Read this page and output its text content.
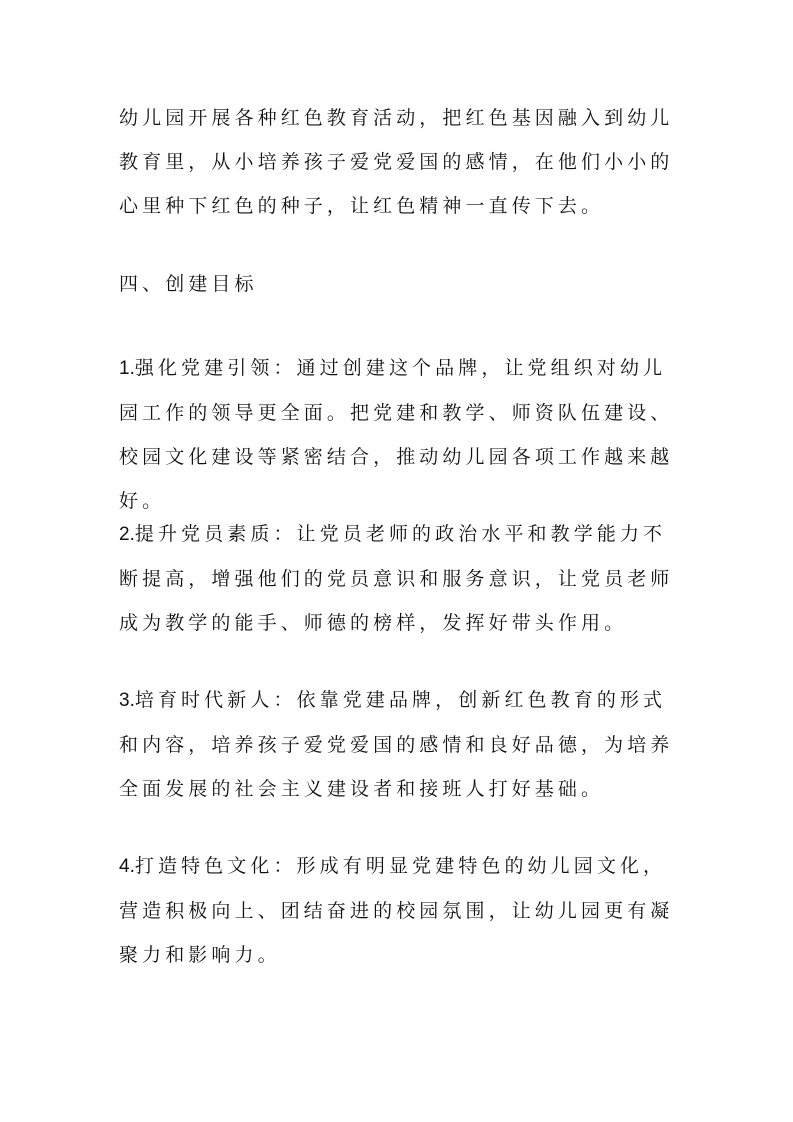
幼儿园开展各种红色教育活动，把红色基因融入到幼儿教育里，从小培养孩子爱党爱国的感情，在他们小小的心里种下红色的种子，让红色精神一直传下去。

四、创建目标

1.强化党建引领：通过创建这个品牌，让党组织对幼儿园工作的领导更全面。把党建和教学、师资队伍建设、校园文化建设等紧密结合，推动幼儿园各项工作越来越好。

2.提升党员素质：让党员老师的政治水平和教学能力不断提高，增强他们的党员意识和服务意识，让党员老师成为教学的能手、师德的榜样，发挥好带头作用。

3.培育时代新人：依靠党建品牌，创新红色教育的形式和内容，培养孩子爱党爱国的感情和良好品德，为培养全面发展的社会主义建设者和接班人打好基础。

4.打造特色文化：形成有明显党建特色的幼儿园文化，营造积极向上、团结奋进的校园氛围，让幼儿园更有凝聚力和影响力。
